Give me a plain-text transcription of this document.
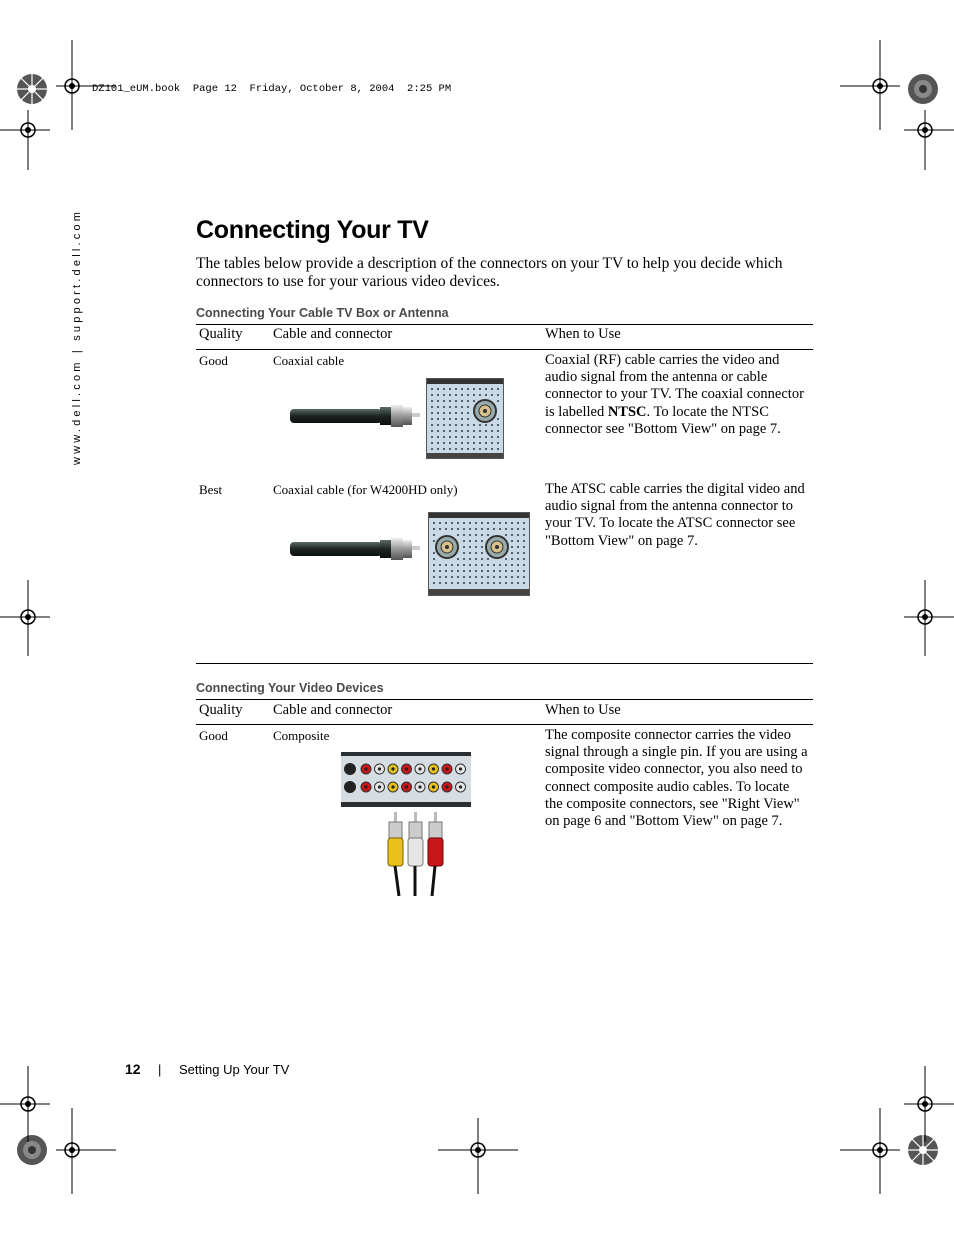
DZ101_eUM.book  Page 12  Friday, October 8, 2004  2:25 PM
www.dell.com | support.dell.com	Connecting Your TV
The tables below provide a description of the connectors on your TV to help you decide which connectors to use for your various video devices.
Connecting Your Cable TV Box or Antenna
Quality Cable and connector	When to Use
Good	Coaxial cable	Coaxial (RF) cable carries the video and audio signal from the antenna or cable connector to your TV. The coaxial connector is labelled NTSC. To locate the NTSC connector see "Bottom View" on page 7.
Best	Coaxial cable (for W4200HD only)	The ATSC cable carries the digital video and audio signal from the antenna connector to your TV. To locate the ATSC connector see "Bottom View" on page 7.
Connecting Your Video Devices
Quality Cable and connector	When to Use
Good	Composite	The composite connector carries the video signal through a single pin. If you are using a composite video connector, you also need to connect composite audio cables. To locate the composite connectors, see "Right View" on page 6 and "Bottom View" on page 7.
12 | Setting Up Your TV
